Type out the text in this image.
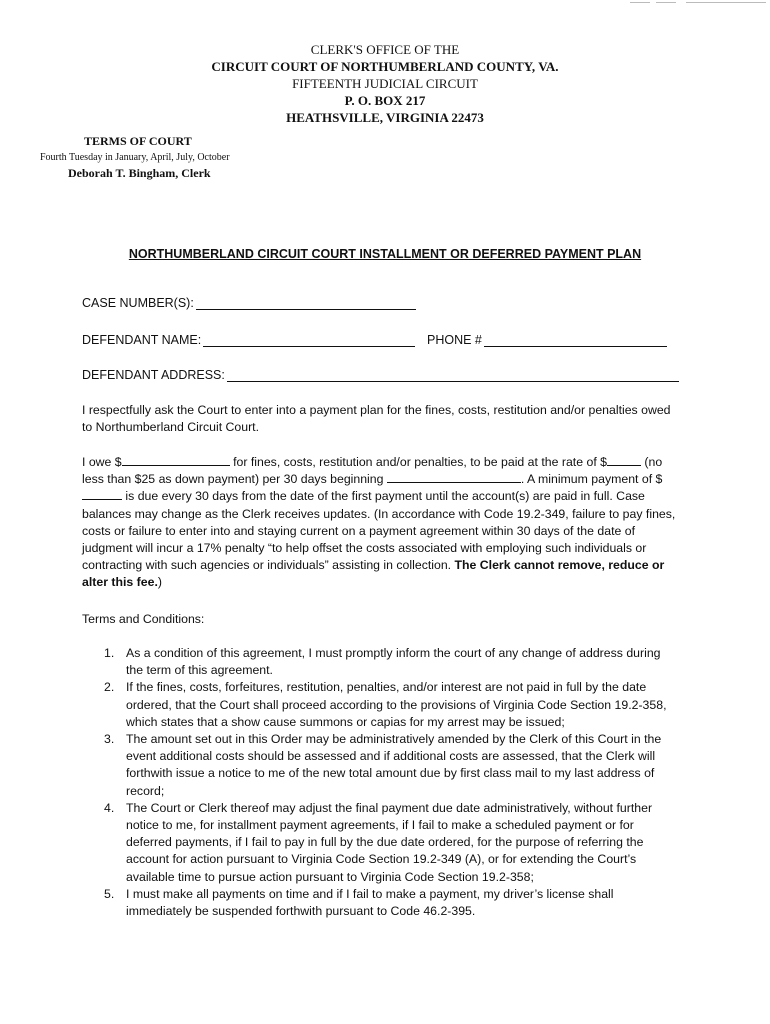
CLERK'S OFFICE OF THE
CIRCUIT COURT OF NORTHUMBERLAND COUNTY, VA.
FIFTEENTH JUDICIAL CIRCUIT
P. O. BOX 217
HEATHSVILLE, VIRGINIA 22473
TERMS OF COURT
Fourth Tuesday in January, April, July, October
Deborah T. Bingham, Clerk
NORTHUMBERLAND CIRCUIT COURT INSTALLMENT OR DEFERRED PAYMENT PLAN
CASE NUMBER(S):
DEFENDANT NAME:	PHONE #
DEFENDANT ADDRESS:

I respectfully ask the Court to enter into a payment plan for the fines, costs, restitution and/or penalties owed to Northumberland Circuit Court.

I owe $	for fines, costs, restitution and/or penalties, to be paid at the rate of $	(no less than $25 as down payment) per 30 days beginning	. A minimum payment of $ is due every 30 days from the date of the first payment until the account(s) are paid in full. Case balances may change as the Clerk receives updates. (In accordance with Code 19.2-349, failure to pay fines, costs or failure to enter into and staying current on a payment agreement within 30 days of the date of judgment will incur a 17% penalty “to help offset the costs associated with employing such individuals or contracting with such agencies or individuals” assisting in collection. The Clerk cannot remove, reduce or alter this fee.)

Terms and Conditions:

1. As a condition of this agreement, I must promptly inform the court of any change of address during the term of this agreement.
2. If the fines, costs, forfeitures, restitution, penalties, and/or interest are not paid in full by the date ordered, that the Court shall proceed according to the provisions of Virginia Code Section 19.2-358, which states that a show cause summons or capias for my arrest may be issued;
3. The amount set out in this Order may be administratively amended by the Clerk of this Court in the event additional costs should be assessed and if additional costs are assessed, that the Clerk will forthwith issue a notice to me of the new total amount due by first class mail to my last address of record;
4. The Court or Clerk thereof may adjust the final payment due date administratively, without further notice to me, for installment payment agreements, if I fail to make a scheduled payment or for deferred payments, if I fail to pay in full by the due date ordered, for the purpose of referring the account for action pursuant to Virginia Code Section 19.2-349 (A), or for extending the Court’s available time to pursue action pursuant to Virginia Code Section 19.2-358;
5. I must make all payments on time and if I fail to make a payment, my driver’s license shall immediately be suspended forthwith pursuant to Code 46.2-395.
